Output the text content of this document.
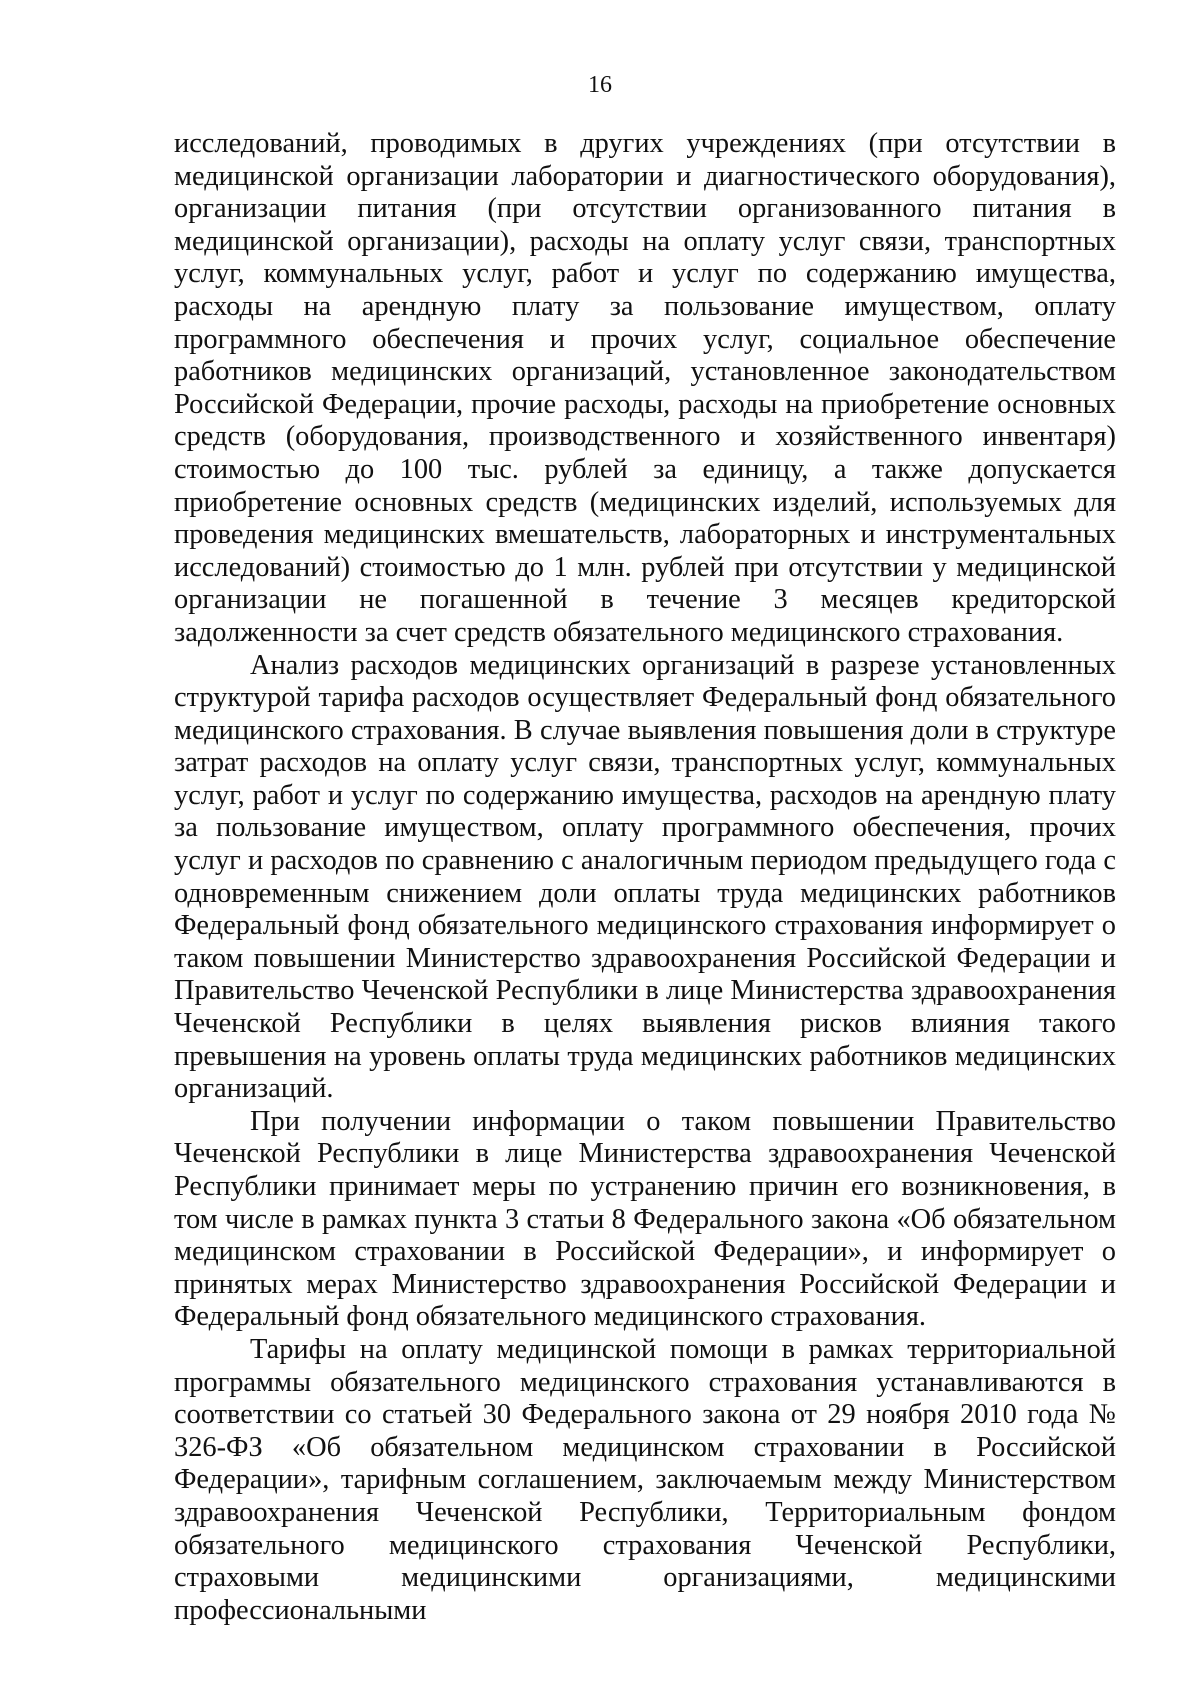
16

исследований, проводимых в других учреждениях (при отсутствии в медицинской организации лаборатории и диагностического оборудования), организации питания (при отсутствии организованного питания в медицинской организации), расходы на оплату услуг связи, транспортных услуг, коммунальных услуг, работ и услуг по содержанию имущества, расходы на арендную плату за пользование имуществом, оплату программного обеспечения и прочих услуг, социальное обеспечение работников медицинских организаций, установленное законодательством Российской Федерации, прочие расходы, расходы на приобретение основных средств (оборудования, производственного и хозяйственного инвентаря) стоимостью до 100 тыс. рублей за единицу, а также допускается приобретение основных средств (медицинских изделий, используемых для проведения медицинских вмешательств, лабораторных и инструментальных исследований) стоимостью до 1 млн. рублей при отсутствии у медицинской организации не погашенной в течение 3 месяцев кредиторской задолженности за счет средств обязательного медицинского страхования.

Анализ расходов медицинских организаций в разрезе установленных структурой тарифа расходов осуществляет Федеральный фонд обязательного медицинского страхования. В случае выявления повышения доли в структуре затрат расходов на оплату услуг связи, транспортных услуг, коммунальных услуг, работ и услуг по содержанию имущества, расходов на арендную плату за пользование имуществом, оплату программного обеспечения, прочих услуг и расходов по сравнению с аналогичным периодом предыдущего года с одновременным снижением доли оплаты труда медицинских работников Федеральный фонд обязательного медицинского страхования информирует о таком повышении Министерство здравоохранения Российской Федерации и Правительство Чеченской Республики в лице Министерства здравоохранения Чеченской Республики в целях выявления рисков влияния такого превышения на уровень оплаты труда медицинских работников медицинских организаций.

При получении информации о таком повышении Правительство Чеченской Республики в лице Министерства здравоохранения Чеченской Республики принимает меры по устранению причин его возникновения, в том числе в рамках пункта 3 статьи 8 Федерального закона «Об обязательном медицинском страховании в Российской Федерации», и информирует о принятых мерах Министерство здравоохранения Российской Федерации и Федеральный фонд обязательного медицинского страхования.

Тарифы на оплату медицинской помощи в рамках территориальной программы обязательного медицинского страхования устанавливаются в соответствии со статьей 30 Федерального закона от 29 ноября 2010 года № 326-ФЗ «Об обязательном медицинском страховании в Российской Федерации», тарифным соглашением, заключаемым между Министерством здравоохранения Чеченской Республики, Территориальным фондом обязательного медицинского страхования Чеченской Республики, страховыми медицинскими организациями, медицинскими профессиональными
